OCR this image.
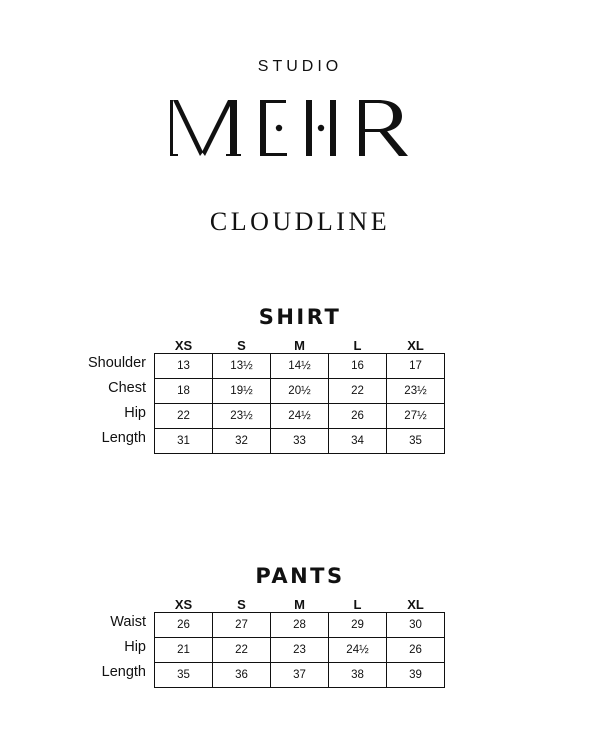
STUDIO
CLOUDLINE
SHIRT
	XS	S	M	L	XL
Shoulder	13	13½	14½	16	17
Chest	18	19½	20½	22	23½
Hip	22	23½	24½	26	27½
Length	31	32	33	34	35
PANTS
	XS	S	M	L	XL
Waist	26	27	28	29	30
Hip	21	22	23	24½	26
Length	35	36	37	38	39
